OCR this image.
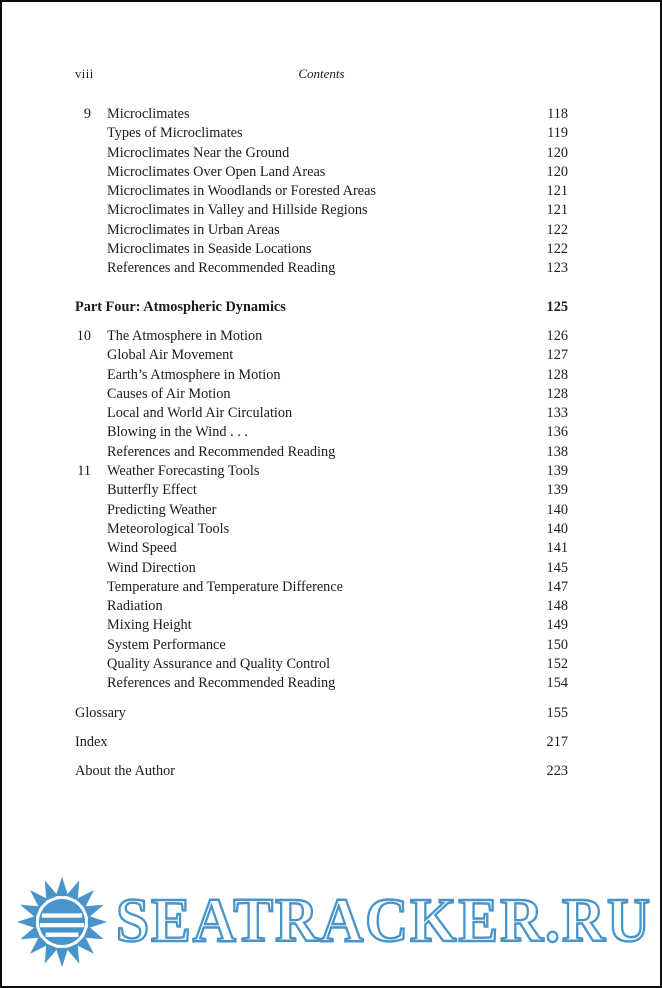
viii	Contents
9 Microclimates	118
Types of Microclimates	119
Microclimates Near the Ground	120
Microclimates Over Open Land Areas	120
Microclimates in Woodlands or Forested Areas	121
Microclimates in Valley and Hillside Regions	121
Microclimates in Urban Areas	122
Microclimates in Seaside Locations	122
References and Recommended Reading	123
Part Four: Atmospheric Dynamics	125
10 The Atmosphere in Motion	126
Global Air Movement	127
Earth’s Atmosphere in Motion	128
Causes of Air Motion	128
Local and World Air Circulation	133
Blowing in the Wind . . .	136
References and Recommended Reading	138
11 Weather Forecasting Tools	139
Butterfly Effect	139
Predicting Weather	140
Meteorological Tools	140
Wind Speed	141
Wind Direction	145
Temperature and Temperature Difference	147
Radiation	148
Mixing Height	149
System Performance	150
Quality Assurance and Quality Control	152
References and Recommended Reading	154
Glossary	155
Index	217
About the Author	223
SEATRACKER.RU
